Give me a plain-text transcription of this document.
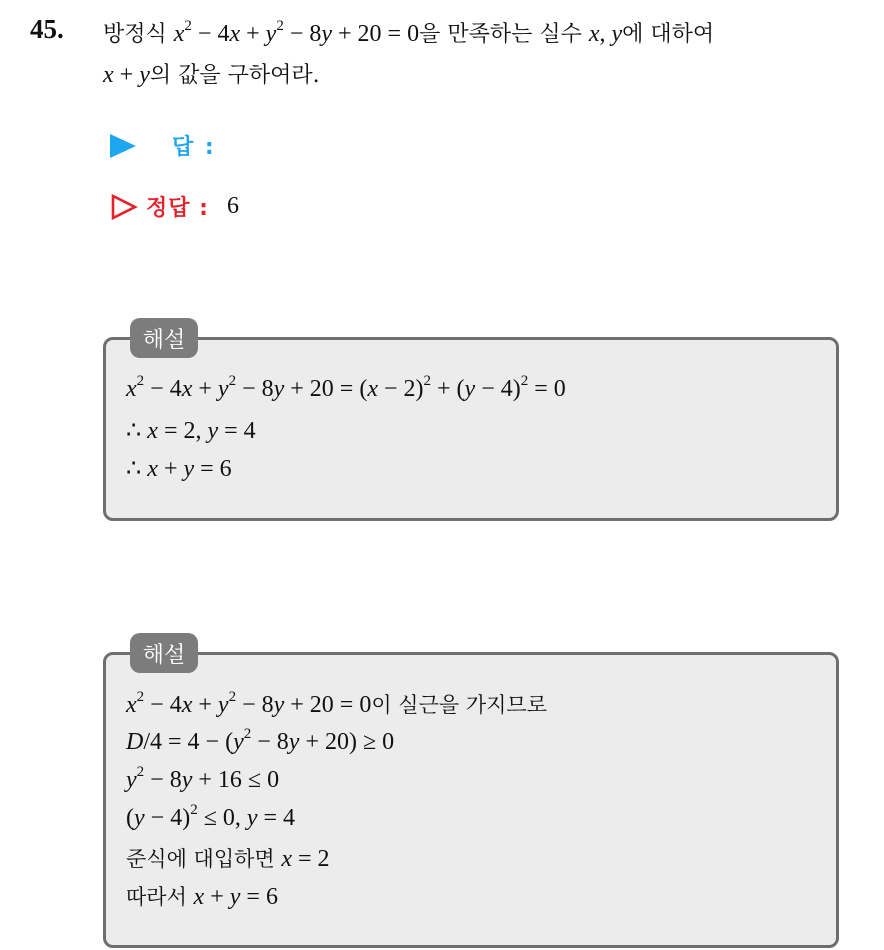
45. 방정식 $x^2 - 4x + y^2 - 8y + 20 = 0$을 만족하는 실수 x, y에 대하여
x + y의 값을 구하여라.
답 :
정답 : 6
$x^2 - 4x + y^2 - 8y + 20 = (x - 2)^2 + (y - 4)^2 = 0$
∴ x = 2, y = 4
∴ x + y = 6
해설
$x^2 - 4x + y^2 - 8y + 20 = 0$이 실근을 가지므로
$D/4 = 4 - (y^2 - 8y + 20) \ge 0$
$y^2 - 8y + 16 \le 0$
$(y - 4)^2 \le 0$, y = 4
준식에 대입하면 x = 2
따라서 x + y = 6
해설
